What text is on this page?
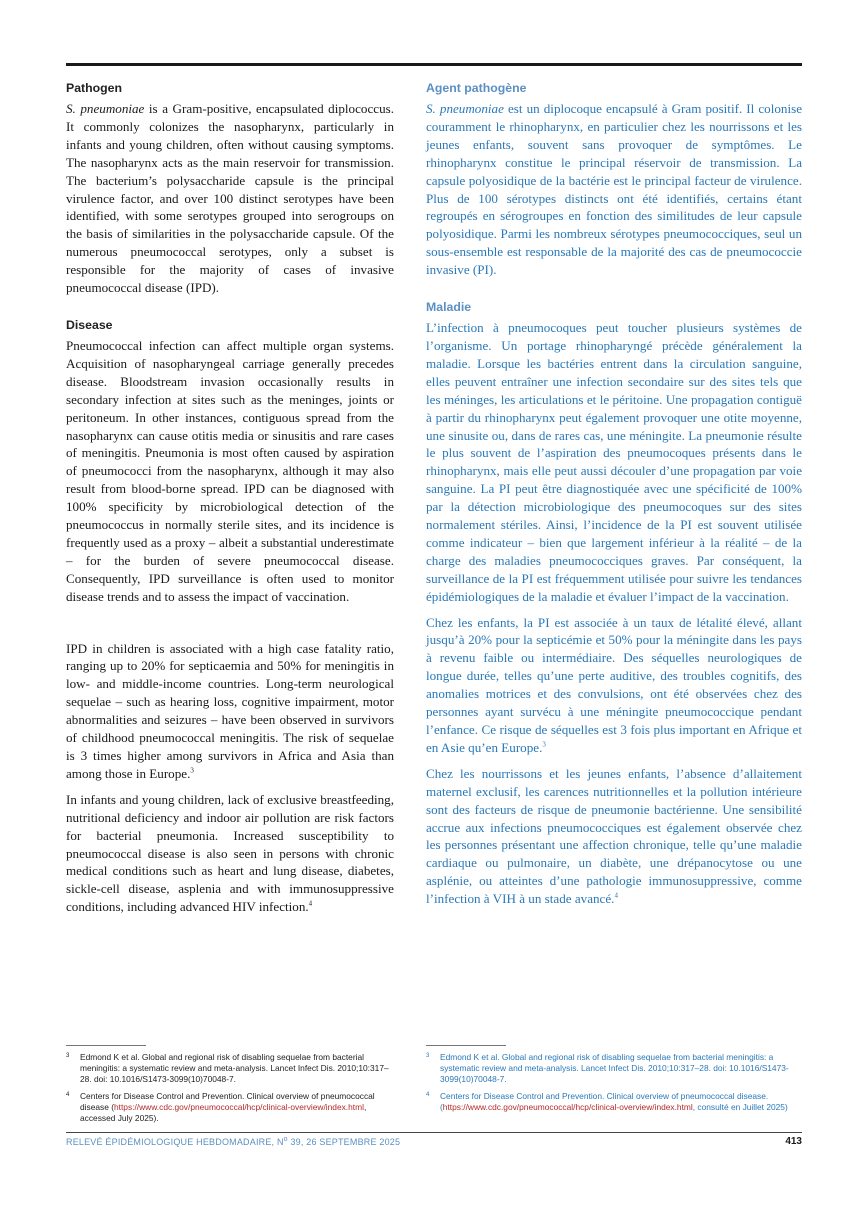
Pathogen

S. pneumoniae is a Gram-positive, encapsulated diplococcus. It commonly colonizes the nasopharynx, particularly in infants and young children, often without causing symptoms. The nasopharynx acts as the main reservoir for transmission. The bacterium’s polysaccharide capsule is the principal virulence factor, and over 100 distinct serotypes have been identified, with some serotypes grouped into serogroups on the basis of similarities in the polysaccharide capsule. Of the numerous pneumococcal serotypes, only a subset is responsible for the majority of cases of invasive pneumococcal disease (IPD).

Disease

Pneumococcal infection can affect multiple organ systems. Acquisition of nasopharyngeal carriage generally precedes disease. Bloodstream invasion occasionally results in secondary infection at sites such as the meninges, joints or peritoneum. In other instances, contiguous spread from the nasopharynx can cause otitis media or sinusitis and rare cases of meningitis. Pneumonia is most often caused by aspiration of pneumococci from the nasopharynx, although it may also result from blood-borne spread. IPD can be diagnosed with 100% specificity by microbiological detection of the pneumococcus in normally sterile sites, and its incidence is frequently used as a proxy – albeit a substantial underestimate – for the burden of severe pneumococcal disease. Consequently, IPD surveillance is often used to monitor disease trends and to assess the impact of vaccination.

IPD in children is associated with a high case fatality ratio, ranging up to 20% for septicaemia and 50% for meningitis in low- and middle-income countries. Long-term neurological sequelae – such as hearing loss, cognitive impairment, motor abnormalities and seizures – have been observed in survivors of childhood pneumococcal meningitis. The risk of sequelae is 3 times higher among survivors in Africa and Asia than among those in Europe.$^3$

In infants and young children, lack of exclusive breastfeeding, nutritional deficiency and indoor air pollution are risk factors for bacterial pneumonia. Increased susceptibility to pneumococcal disease is also seen in persons with chronic medical conditions such as heart and lung disease, diabetes, sickle-cell disease, asplenia and with immunosuppressive conditions, including advanced HIV infection.$^4$

Agent pathogène

S. pneumoniae est un diplocoque encapsulé à Gram positif. Il colonise couramment le rhinopharynx, en particulier chez les nourrissons et les jeunes enfants, souvent sans provoquer de symptômes. Le rhinopharynx constitue le principal réservoir de transmission. La capsule polyosidique de la bactérie est le principal facteur de virulence. Plus de 100 sérotypes distincts ont été identifiés, certains étant regroupés en sérogroupes en fonction des similitudes de leur capsule polyosidique. Parmi les nombreux sérotypes pneumococciques, seul un sous-ensemble est responsable de la majorité des cas de pneumococcie invasive (PI).

Maladie

L’infection à pneumocoques peut toucher plusieurs systèmes de l’organisme. Un portage rhinopharyngé précède généralement la maladie. Lorsque les bactéries entrent dans la circulation sanguine, elles peuvent entraîner une infection secondaire sur des sites tels que les méninges, les articulations et le péritoine. Une propagation contiguë à partir du rhinopharynx peut également provoquer une otite moyenne, une sinusite ou, dans de rares cas, une méningite. La pneumonie résulte le plus souvent de l’aspiration des pneumocoques présents dans le rhinopharynx, mais elle peut aussi découler d’une propagation par voie sanguine. La PI peut être diagnostiquée avec une spécificité de 100% par la détection microbiologique des pneumocoques sur des sites normalement stériles. Ainsi, l’incidence de la PI est souvent utilisée comme indicateur – bien que largement inférieur à la réalité – de la charge des maladies pneumococciques graves. Par conséquent, la surveillance de la PI est fréquemment utilisée pour suivre les tendances épidémiologiques de la maladie et évaluer l’impact de la vaccination.

Chez les enfants, la PI est associée à un taux de létalité élevé, allant jusqu’à 20% pour la septicémie et 50% pour la méningite dans les pays à revenu faible ou intermédiaire. Des séquelles neurologiques de longue durée, telles qu’une perte auditive, des troubles cognitifs, des anomalies motrices et des convulsions, ont été observées chez des personnes ayant survécu à une méningite pneumococcique pendant l’enfance. Ce risque de séquelles est 3 fois plus important en Afrique et en Asie qu’en Europe.$^3$

Chez les nourrissons et les jeunes enfants, l’absence d’allaitement maternel exclusif, les carences nutritionnelles et la pollution intérieure sont des facteurs de risque de pneumonie bactérienne. Une sensibilité accrue aux infections pneumococciques est également observée chez les personnes présentant une affection chronique, telle qu’une maladie cardiaque ou pulmonaire, un diabète, une drépanocytose ou une asplénie, ou atteintes d’une pathologie immunosuppressive, comme l’infection à VIH à un stade avancé.$^4$

3 Edmond K et al. Global and regional risk of disabling sequelae from bacterial meningitis: a systematic review and meta-analysis. Lancet Infect Dis. 2010;10:317–28. doi: 10.1016/S1473-3099(10)70048-7.
4 Centers for Disease Control and Prevention. Clinical overview of pneumococcal disease (https://www.cdc.gov/pneumococcal/hcp/clinical-overview/index.html, accessed July 2025).
3 Edmond K et al. Global and regional risk of disabling sequelae from bacterial meningitis: a systematic review and meta-analysis. Lancet Infect Dis. 2010;10:317–28. doi: 10.1016/S1473-3099(10)70048-7.
4 Centers for Disease Control and Prevention. Clinical overview of pneumococcal disease. (https://www.cdc.gov/pneumococcal/hcp/clinical-overview/index.html, consulté en Juillet 2025)
RELEVÉ ÉPIDÉMIOLOGIQUE HEBDOMADAIRE, $N^o$ 39, 26 SEPTEMBRE 2025	413
